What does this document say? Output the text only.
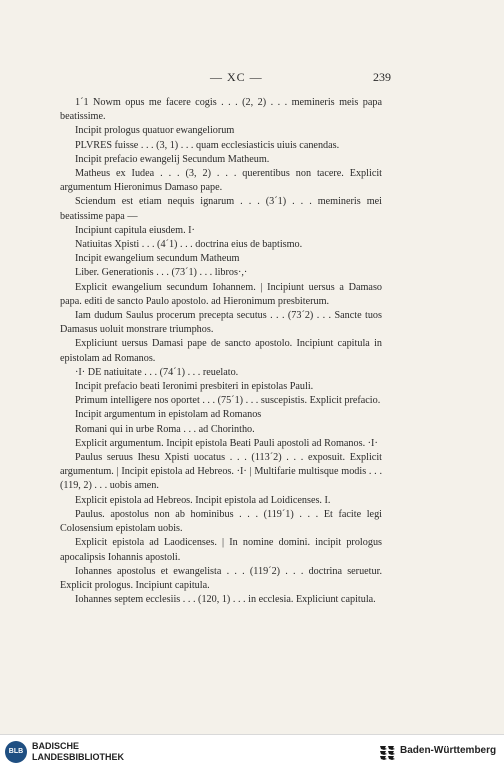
— XC —	239

1´1 Nowm opus me facere cogis . . . (2, 2) . . . memineris meis papa beatissime.

Incipit prologus quatuor ewangeliorum

PLVRES fuisse . . . (3, 1) . . . quam ecclesiasticis uiuis canendas.

Incipit prefacio ewangelij Secundum Matheum.

Matheus ex Iudea . . . (3, 2) . . . querentibus non tacere. Explicit argumentum Hieronimus Damaso pape.

Sciendum est etiam nequis ignarum . . . (3´1) . . . memineris mei beatissime papa —

Incipiunt capitula eiusdem. I·

Natiuitas Xpisti . . . (4´1) . . . doctrina eius de baptismo.

Incipit ewangelium secundum Matheum

Liber. Generationis . . . (73´1) . . . libros·,·

Explicit ewangelium secundum Iohannem. | Incipiunt uersus a Damaso papa. editi de sancto Paulo apostolo. ad Hieronimum presbiterum.

Iam dudum Saulus procerum precepta secutus . . . (73´2) . . . Sancte tuos Damasus uoluit monstrare triumphos.

Expliciunt uersus Damasi pape de sancto apostolo. Incipiunt capitula in epistolam ad Romanos.

·I· DE natiuitate . . . (74´1) . . . reuelato.

Incipit prefacio beati Ieronimi presbiteri in epistolas Pauli.

Primum intelligere nos oportet . . . (75´1) . . . suscepistis. Explicit prefacio.

Incipit argumentum in epistolam ad Romanos

Romani qui in urbe Roma . . . ad Chorintho.

Explicit argumentum. Incipit epistola Beati Pauli apostoli ad Romanos. ·I·

Paulus seruus Ihesu Xpisti uocatus . . . (113´2) . . . exposuit. Explicit argumentum. | Incipit epistola ad Hebreos. ·I· | Multifarie multisque modis . . . (119, 2) . . . uobis amen.

Explicit epistola ad Hebreos. Incipit epistola ad Loidicenses. I.

Paulus. apostolus non ab hominibus . . . (119´1) . . . Et facite legi Colosensium epistolam uobis.

Explicit epistola ad Laodicenses. | In nomine domini. incipit prologus apocalipsis Iohannis apostoli.

Iohannes apostolus et ewangelista . . . (119´2) . . . doctrina seruetur. Explicit prologus. Incipiunt capitula.

Iohannes septem ecclesiis . . . (120, 1) . . . in ecclesia. Expliciunt capitula.

BLB
BADISCHE
LANDESBIBLIOTHEK
Baden-Württemberg
